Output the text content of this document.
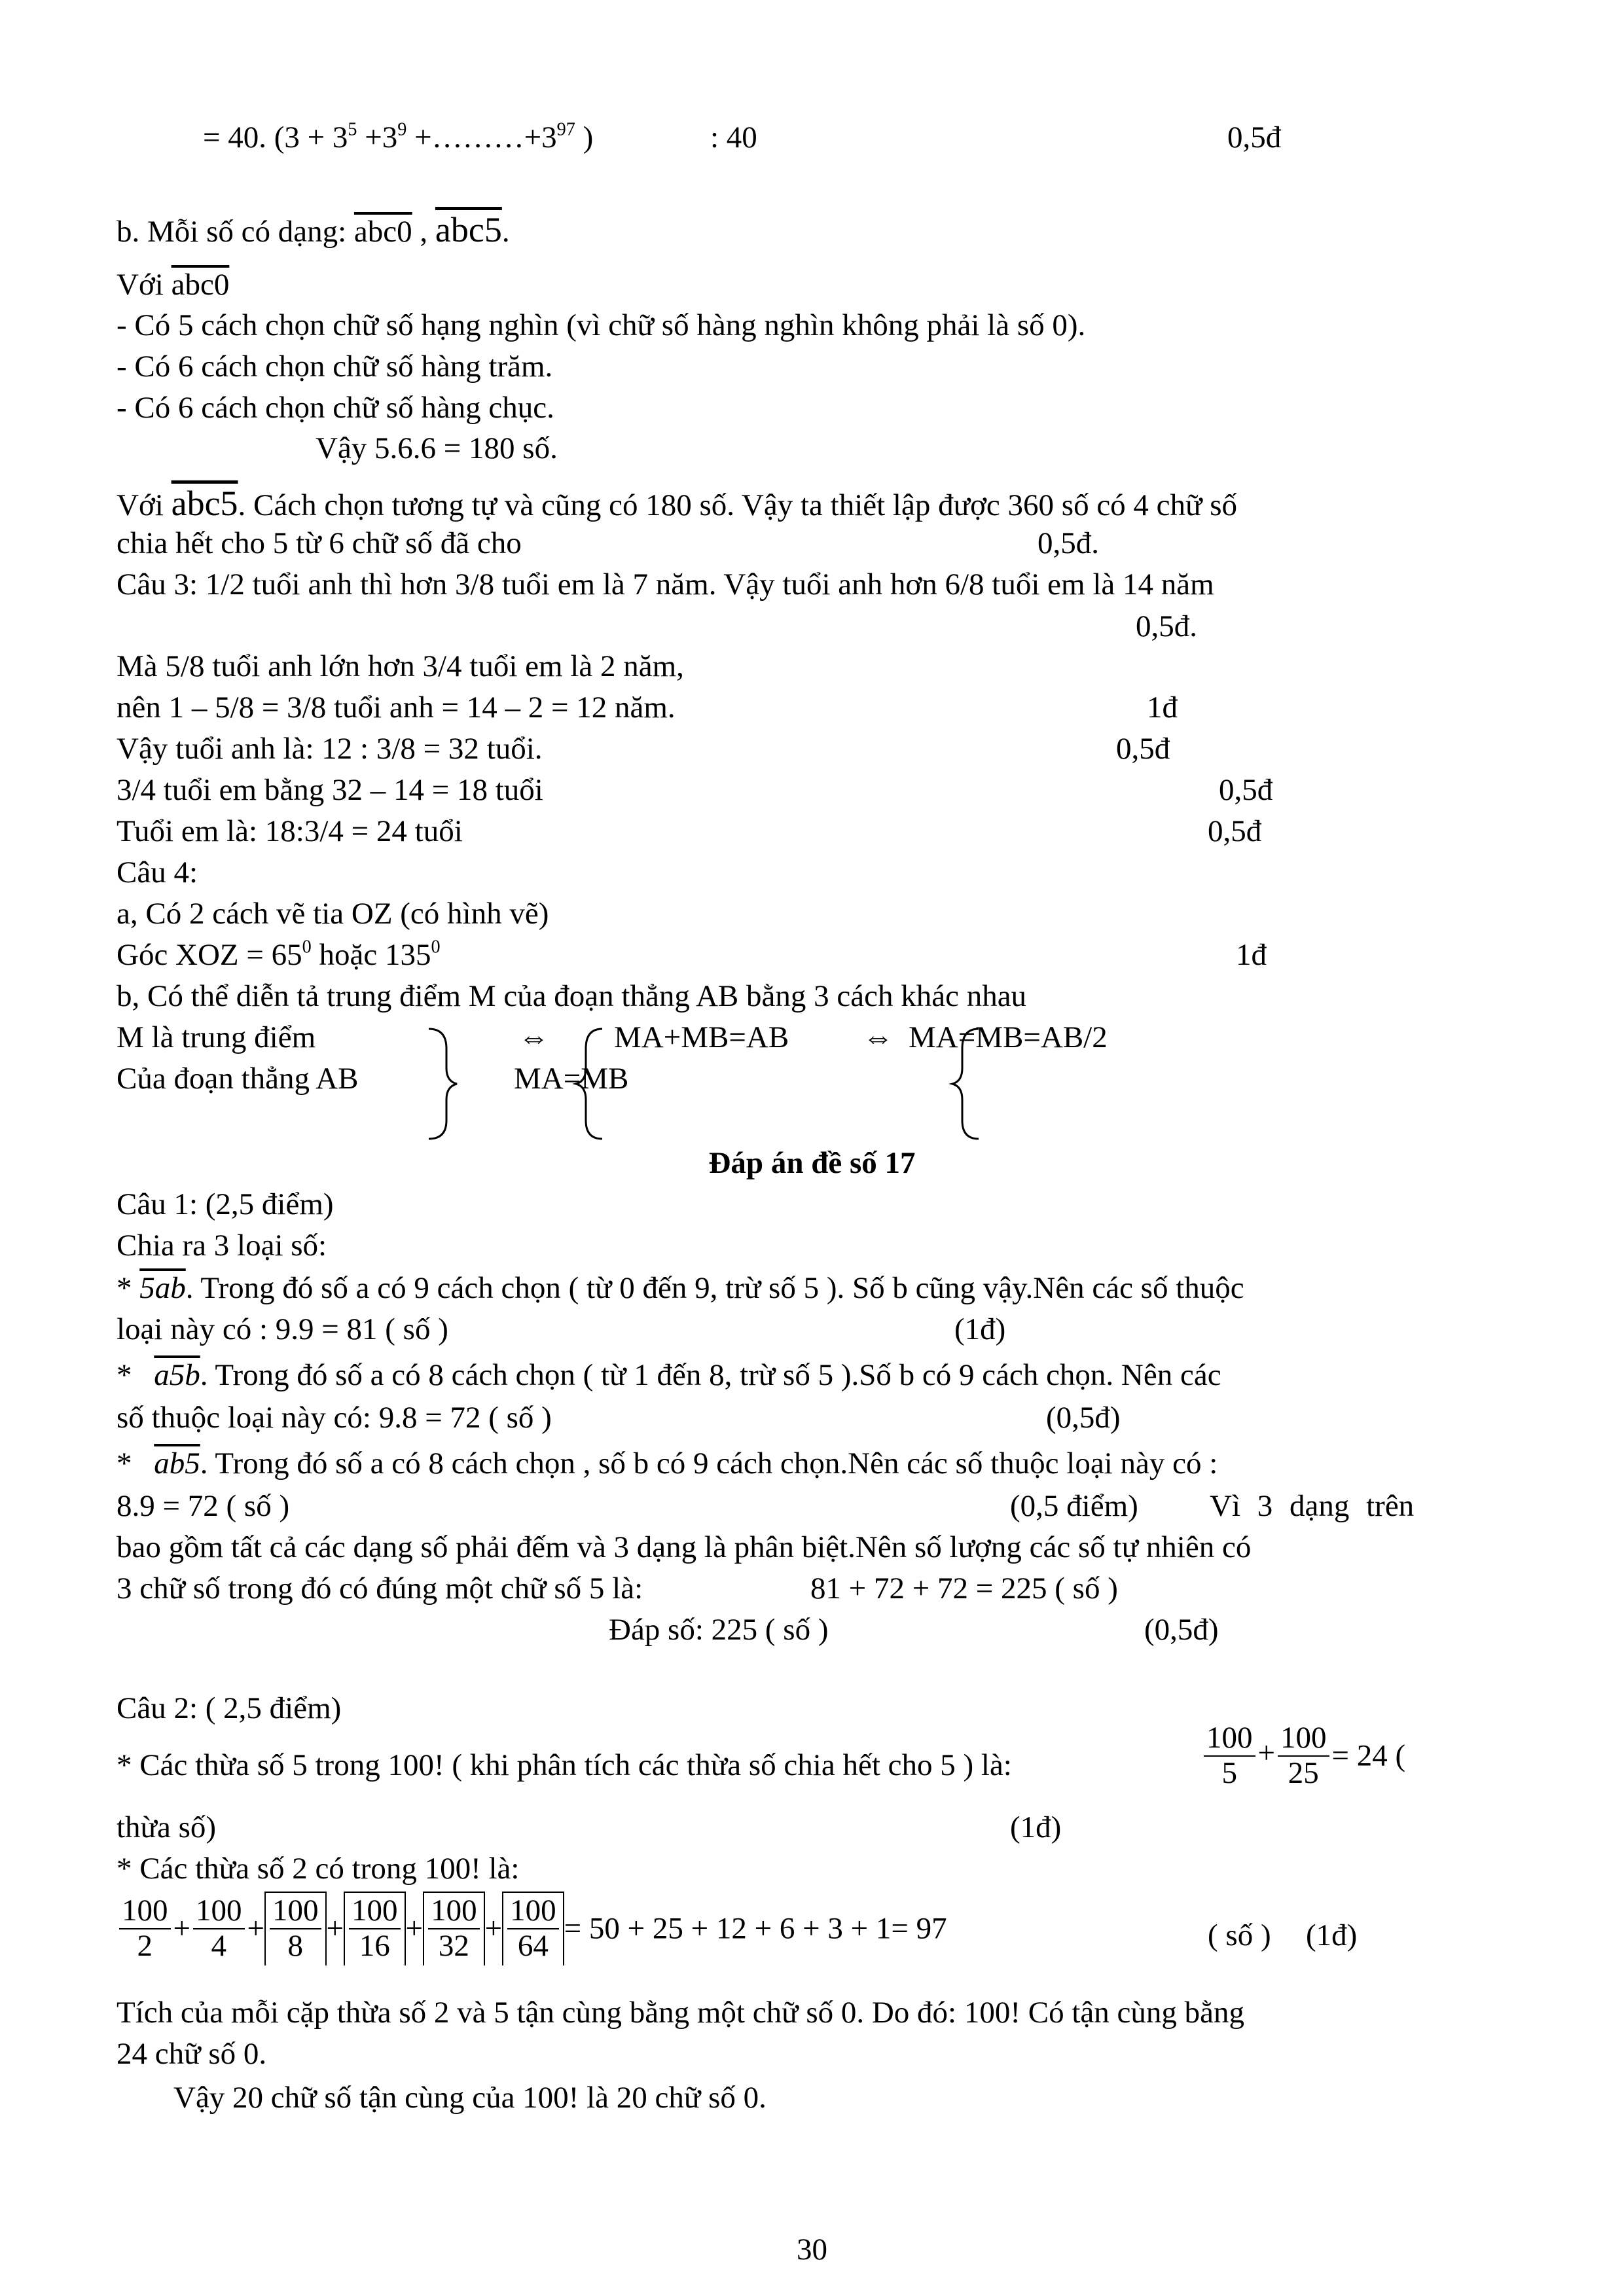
= 40. ($3 + 3^5 +3^9$ $+\dots\dots\dots+3^{97}$ )	: 40	0,5đ
b. Mỗi số có dạng: abc0 , abc5.
Với abc0
- Có 5 cách chọn chữ số hạng nghìn (vì chữ số hàng nghìn không phải là số 0).
- Có 6 cách chọn chữ số hàng trăm.
- Có 6 cách chọn chữ số hàng chục.
Vậy 5.6.6 = 180 số.
Với abc5. Cách chọn tương tự và cũng có 180 số. Vậy ta thiết lập được 360 số có 4 chữ số
chia hết cho 5 từ 6 chữ số đã cho	0,5đ.
Câu 3: 1/2 tuổi anh thì hơn 3/8 tuổi em là 7 năm. Vậy tuổi anh hơn 6/8 tuổi em là 14 năm
0,5đ.
Mà 5/8 tuổi anh lớn hơn 3/4 tuổi em là 2 năm,
nên 1 – 5/8 = 3/8 tuổi anh = 14 – 2 = 12 năm.	1đ
Vậy tuổi anh là: 12 : 3/8 = 32 tuổi.	0,5đ
3/4 tuổi em bằng 32 – 14 = 18 tuổi	0,5đ
Tuổi em là: 18:3/4 = 24 tuổi	0,5đ
Câu 4:
a, Có 2 cách vẽ tia OZ (có hình vẽ)
Góc XOZ = $65^0$ hoặc $135^0$	1đ
b, Có thể diễn tả trung điểm M của đoạn thẳng AB bằng 3 cách khác nhau
M là trung điểm	⇔ MA+MB=AB ⇔ MA=MB=AB/2
Của đoạn thẳng AB	MA=MB
Đáp án đề số 17
Câu 1: (2,5 điểm)
Chia ra 3 loại số:
* 5ab. Trong đó số a có 9 cách chọn ( từ 0 đến 9, trừ số 5 ). Số b cũng vậy.Nên các số thuộc
loại này có : 9.9 = 81 ( số )	(1đ)
* a5b. Trong đó số a có 8 cách chọn ( từ 1 đến 8, trừ số 5 ).Số b có 9 cách chọn. Nên các
số thuộc loại này có: 9.8 = 72 ( số )	(0,5đ)
* ab5. Trong đó số a có 8 cách chọn , số b có 9 cách chọn.Nên các số thuộc loại này có :
8.9 = 72 ( số )	(0,5 điểm) Vì 3 dạng trên
bao gồm tất cả các dạng số phải đếm và 3 dạng là phân biệt.Nên số lượng các số tự nhiên có
3 chữ số trong đó có đúng một chữ số 5 là:	81 + 72 + 72 = 225 ( số )
Đáp số: 225 ( số )	(0,5đ)
Câu 2: ( 2,5 điểm)
* Các thừa số 5 trong 100! ( khi phân tích các thừa số chia hết cho 5 ) là:	$\frac{100}{5} + \frac{100}{25} = 24$ (
thừa số)	(1đ)
* Các thừa số 2 có trong 100! là:
$\frac{100}{2} + \frac{100}{4} + \frac{100}{8} + \frac{100}{16} + \frac{100}{32} + \frac{100}{64} = 50 + 25 + 12 + 6 + 3 + 1= 97$	( số ) (1đ)
Tích của mỗi cặp thừa số 2 và 5 tận cùng bằng một chữ số 0. Do đó: 100! Có tận cùng bằng
24 chữ số 0.
Vậy 20 chữ số tận cùng của 100! là 20 chữ số 0.
30
